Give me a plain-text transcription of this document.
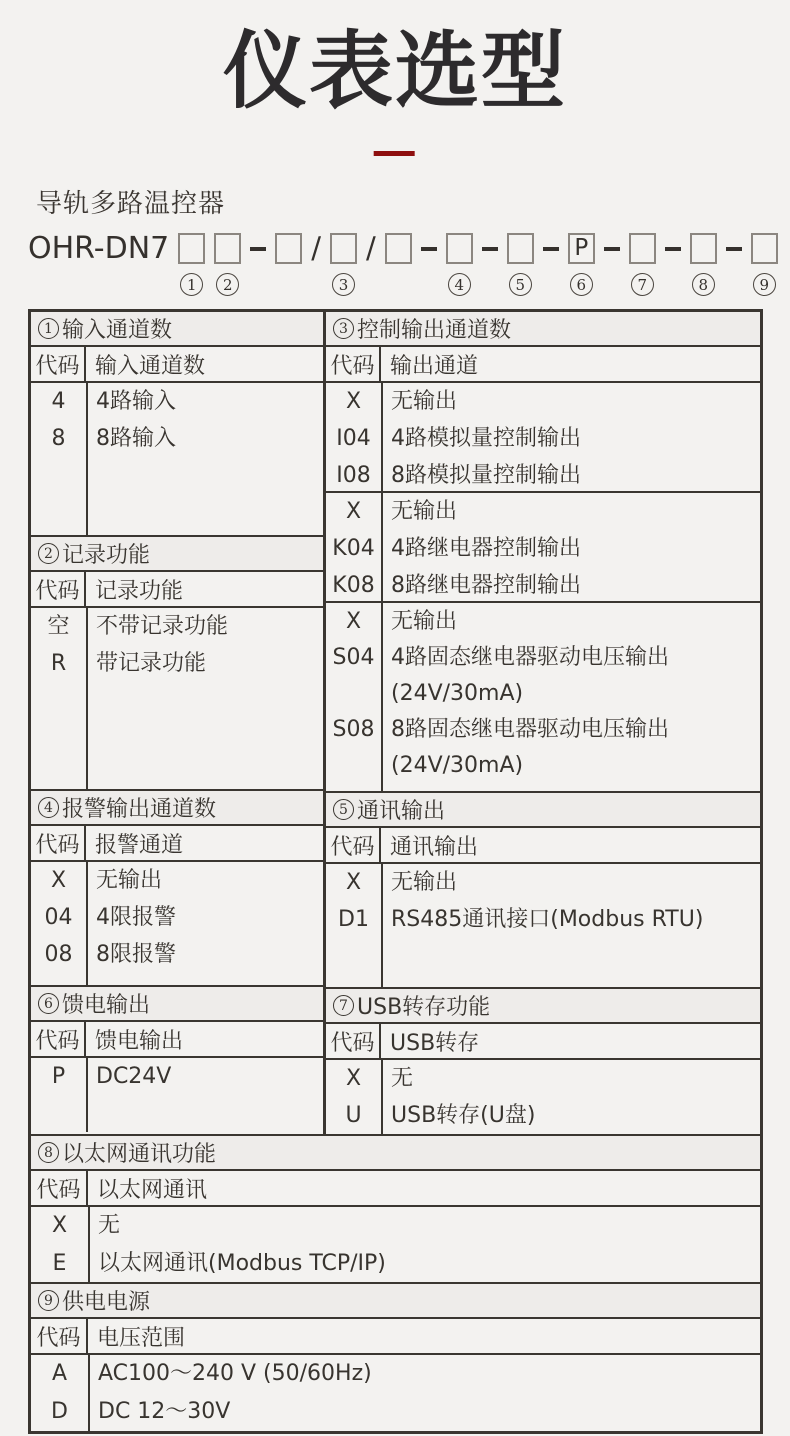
仪表选型
导轨多路温控器
OHR-DN7
1	2
/
3
/
4	5
P
6	7	8	9
1 输入通道数
代码 输入通道数
4	4路输入
8	8路输入
2 记录功能
代码 记录功能
空	不带记录功能
R	带记录功能
4 报警输出通道数
代码 报警通道
X	无输出
04	4限报警
08	8限报警
6 馈电输出
代码 馈电输出
P	DC24V
3 控制输出通道数
代码 输出通道
X	无输出
I04 4路模拟量控制输出
I08 8路模拟量控制输出
X	无输出
K04 4路继电器控制输出
K08 8路继电器控制输出
X	无输出
S04 4路固态继电器驱动电压输出
(24V/30mA)
S08 8路固态继电器驱动电压输出
(24V/30mA)
5 通讯输出
代码 通讯输出
X	无输出
D1	RS485通讯接口(Modbus RTU)
7 USB转存功能
代码 USB转存
X	无
U	USB转存(U盘)
8 以太网通讯功能
代码 以太网通讯
X	无
E	以太网通讯(Modbus TCP/IP)
9 供电电源
代码 电压范围
A	AC100～240 V (50/60Hz)
D	DC 12～30V
